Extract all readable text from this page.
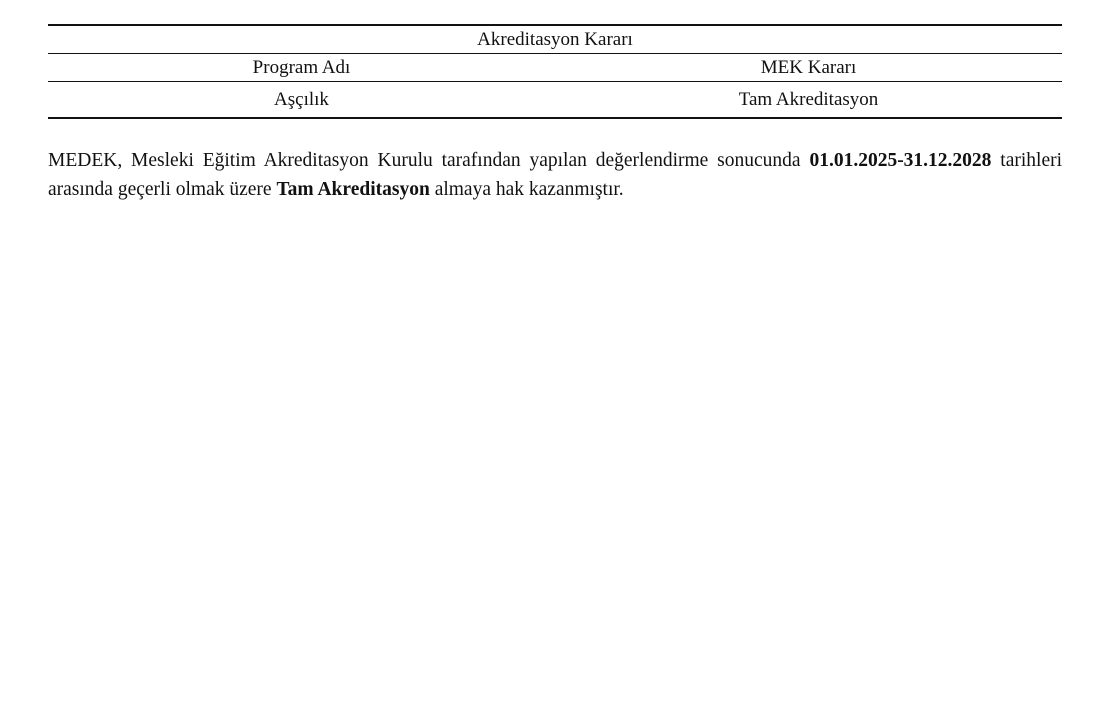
Akreditasyon Kararı	
Program Adı	MEK Kararı
Aşçılık	Tam Akreditasyon

MEDEK, Mesleki Eğitim Akreditasyon Kurulu tarafından yapılan değerlendirme sonucunda 01.01.2025-31.12.2028 tarihleri arasında geçerli olmak üzere Tam Akreditasyon almaya hak kazanmıştır.
